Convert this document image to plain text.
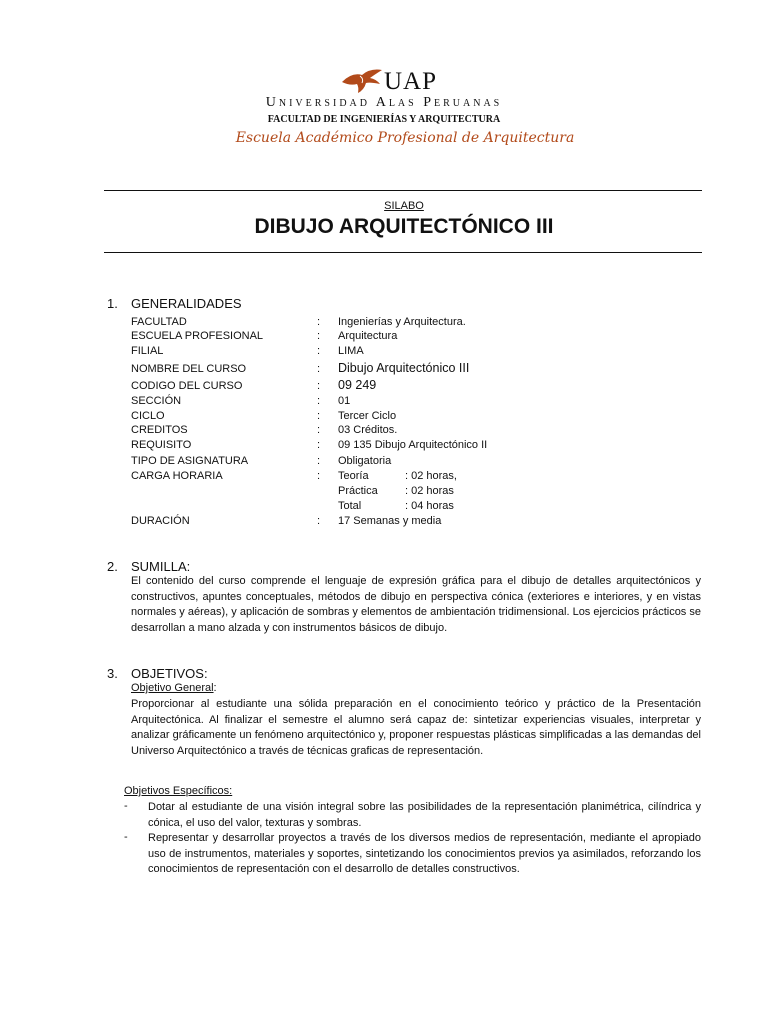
UAP
Universidad Alas Peruanas
FACULTAD DE INGENIERÍAS Y ARQUITECTURA
Escuela Académico Profesional de Arquitectura
SILABO
DIBUJO ARQUITECTÓNICO III
1. GENERALIDADES
FACULTAD	: Ingenierías y Arquitectura.
ESCUELA PROFESIONAL	: Arquitectura
FILIAL	: LIMA
NOMBRE DEL CURSO	: Dibujo Arquitectónico III
CODIGO DEL CURSO	: 09 249
SECCIÓN	: 01
CICLO	: Tercer Ciclo
CREDITOS	: 03 Créditos.
REQUISITO	: 09 135 Dibujo Arquitectónico II
TIPO DE ASIGNATURA	: Obligatoria
CARGA HORARIA	: Teoría	: 02 horas,
Práctica : 02 horas
Total	: 04 horas
DURACIÓN	: 17 Semanas y media
2. SUMILLA:
El contenido del curso comprende el lenguaje de expresión gráfica para el dibujo de detalles arquitectónicos y constructivos, apuntes conceptuales, métodos de dibujo en perspectiva cónica (exteriores e interiores, y en vistas normales y aéreas), y aplicación de sombras y elementos de ambientación tridimensional. Los ejercicios prácticos se desarrollan a mano alzada y con instrumentos básicos de dibujo.
3. OBJETIVOS:
Objetivo General:
Proporcionar al estudiante una sólida preparación en el conocimiento teórico y práctico de la Presentación Arquitectónica. Al finalizar el semestre el alumno será capaz de: sintetizar experiencias visuales, interpretar y analizar gráficamente un fenómeno arquitectónico y, proponer respuestas plásticas simplificadas a las demandas del Universo Arquitectónico a través de técnicas graficas de representación.
Objetivos Específicos:
- Dotar al estudiante de una visión integral sobre las posibilidades de la representación planimétrica, cilíndrica y cónica, el uso del valor, texturas y sombras.
- Representar y desarrollar proyectos a través de los diversos medios de representación, mediante el apropiado uso de instrumentos, materiales y soportes, sintetizando los conocimientos previos ya asimilados, reforzando los conocimientos de representación con el desarrollo de detalles constructivos.
